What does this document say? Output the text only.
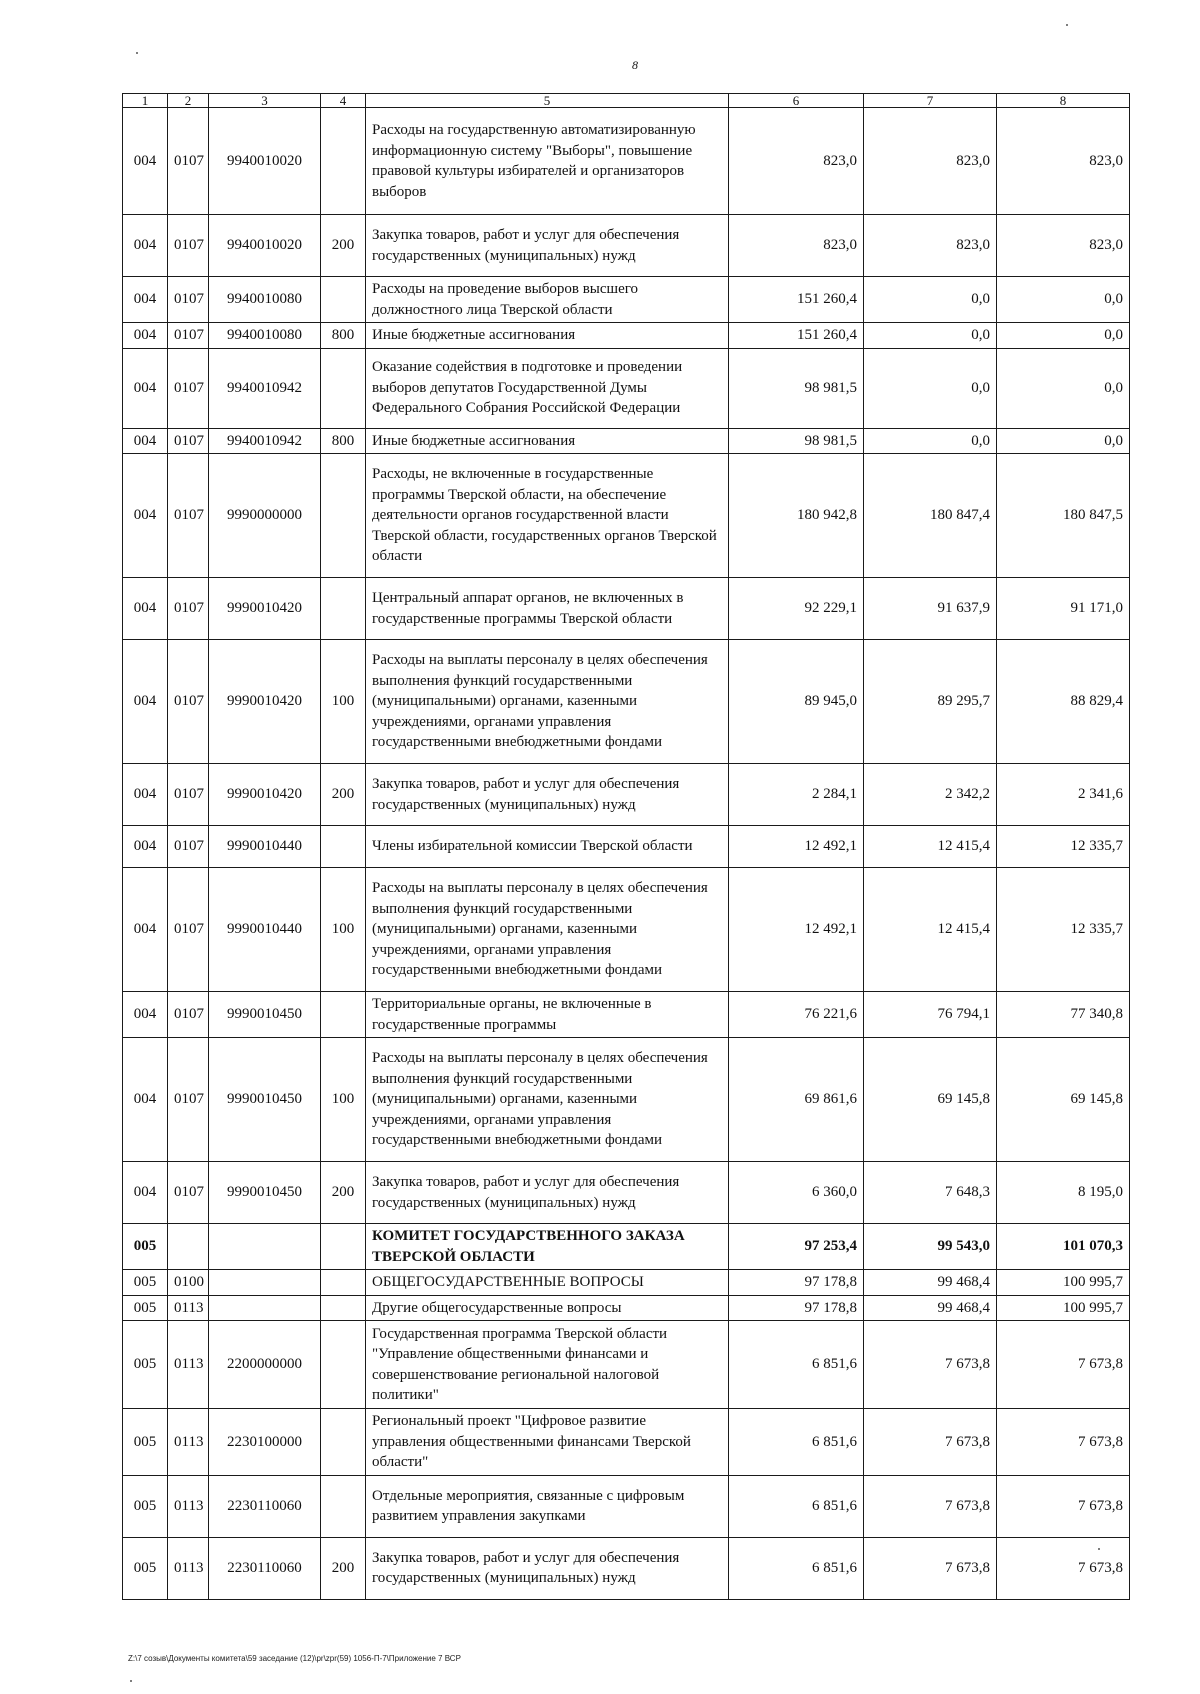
8
1	2	3	4	5	6	7	8
004	0107	9940010020		Расходы на государственную автоматизированную информационную систему "Выборы", повышение правовой культуры избирателей и организаторов выборов	823,0	823,0	823,0
004	0107	9940010020	200	Закупка товаров, работ и услуг для обеспечения государственных (муниципальных) нужд	823,0	823,0	823,0
004	0107	9940010080		Расходы на проведение выборов высшего должностного лица Тверской области	151 260,4	0,0	0,0
004	0107	9940010080	800	Иные бюджетные ассигнования	151 260,4	0,0	0,0
004	0107	9940010942		Оказание содействия в подготовке и проведении выборов депутатов Государственной Думы Федерального Собрания Российской Федерации	98 981,5	0,0	0,0
004	0107	9940010942	800	Иные бюджетные ассигнования	98 981,5	0,0	0,0
004	0107	9990000000		Расходы, не включенные в государственные программы Тверской области, на обеспечение деятельности органов государственной власти Тверской области, государственных органов Тверской области	180 942,8	180 847,4	180 847,5
004	0107	9990010420		Центральный аппарат органов, не включенных в государственные программы Тверской области	92 229,1	91 637,9	91 171,0
004	0107	9990010420	100	Расходы на выплаты персоналу в целях обеспечения выполнения функций государственными (муниципальными) органами, казенными учреждениями, органами управления государственными внебюджетными фондами	89 945,0	89 295,7	88 829,4
004	0107	9990010420	200	Закупка товаров, работ и услуг для обеспечения государственных (муниципальных) нужд	2 284,1	2 342,2	2 341,6
004	0107	9990010440		Члены избирательной комиссии Тверской области	12 492,1	12 415,4	12 335,7
004	0107	9990010440	100	Расходы на выплаты персоналу в целях обеспечения выполнения функций государственными (муниципальными) органами, казенными учреждениями, органами управления государственными внебюджетными фондами	12 492,1	12 415,4	12 335,7
004	0107	9990010450		Территориальные органы, не включенные в государственные программы	76 221,6	76 794,1	77 340,8
004	0107	9990010450	100	Расходы на выплаты персоналу в целях обеспечения выполнения функций государственными (муниципальными) органами, казенными учреждениями, органами управления государственными внебюджетными фондами	69 861,6	69 145,8	69 145,8
004	0107	9990010450	200	Закупка товаров, работ и услуг для обеспечения государственных (муниципальных) нужд	6 360,0	7 648,3	8 195,0
005				КОМИТЕТ ГОСУДАРСТВЕННОГО ЗАКАЗА ТВЕРСКОЙ ОБЛАСТИ	97 253,4	99 543,0	101 070,3
005	0100			ОБЩЕГОСУДАРСТВЕННЫЕ ВОПРОСЫ	97 178,8	99 468,4	100 995,7
005	0113			Другие общегосударственные вопросы	97 178,8	99 468,4	100 995,7
005	0113	2200000000		Государственная программа Тверской области "Управление общественными финансами и совершенствование региональной налоговой политики"	6 851,6	7 673,8	7 673,8
005	0113	2230100000		Региональный проект "Цифровое развитие управления общественными финансами Тверской области"	6 851,6	7 673,8	7 673,8
005	0113	2230110060		Отдельные мероприятия, связанные с цифровым развитием управления закупками	6 851,6	7 673,8	7 673,8
005	0113	2230110060	200	Закупка товаров, работ и услуг для обеспечения государственных (муниципальных) нужд	6 851,6	7 673,8	7 673,8
Z:\7 созыв\Документы комитета\59 заседание (12)\pr\zpr(59) 1056-П-7\Приложение 7 ВСР
